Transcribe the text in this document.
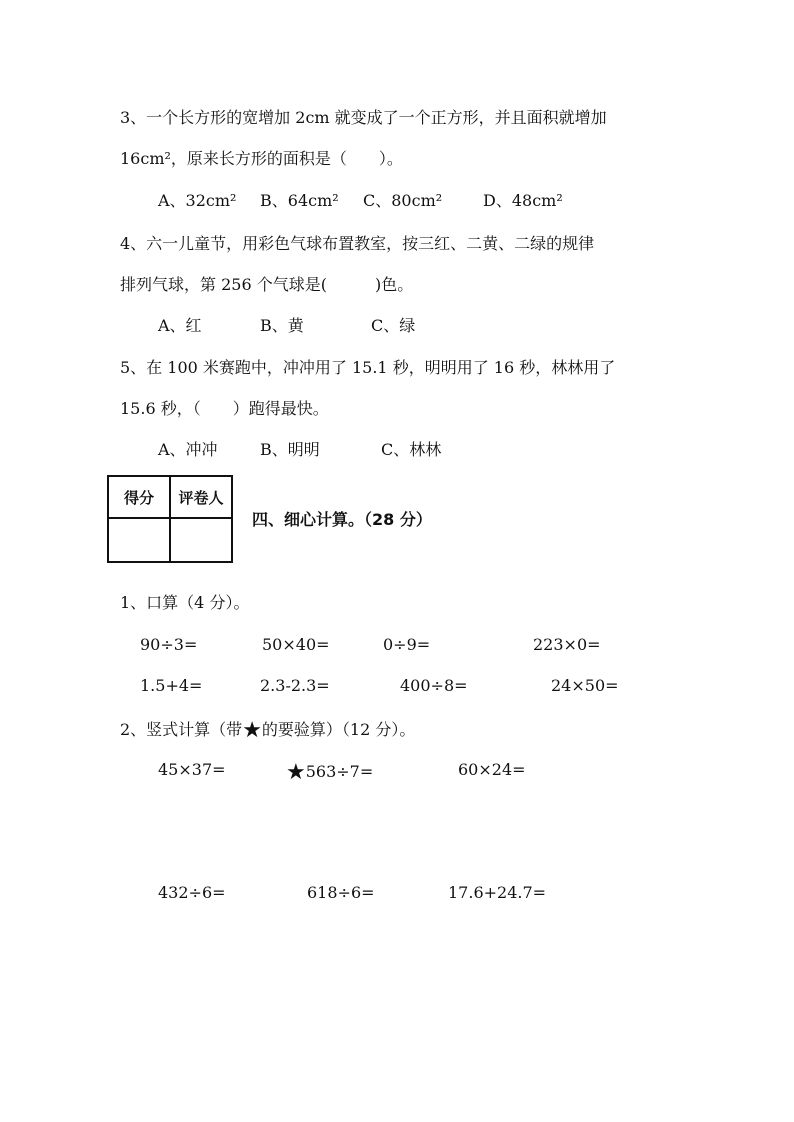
3、一个长方形的宽增加 2cm 就变成了一个正方形，并且面积就增加
16cm²，原来长方形的面积是（　　）。
A、32cm² B、64cm² C、80cm²	D、48cm²
4、六一儿童节，用彩色气球布置教室，按三红、二黄、二绿的规律
排列气球，第 256 个气球是(　　　)色。
A、红	B、黄	C、绿
5、在 100 米赛跑中，冲冲用了 15.1 秒，明明用了 16 秒，林林用了
15.6 秒，（　　）跑得最快。
A、冲冲	B、明明	C、林林
得分	评卷人

四、细心计算。（28 分）
1、口算（4 分）。
90÷3=	50×40=	0÷9=	223×0=
1.5+4=	2.3-2.3=	400÷8=	24×50=
2、竖式计算（带★的要验算）（12 分）。
45×37=	★563÷7=	60×24=
432÷6=	618÷6=	17.6+24.7=
